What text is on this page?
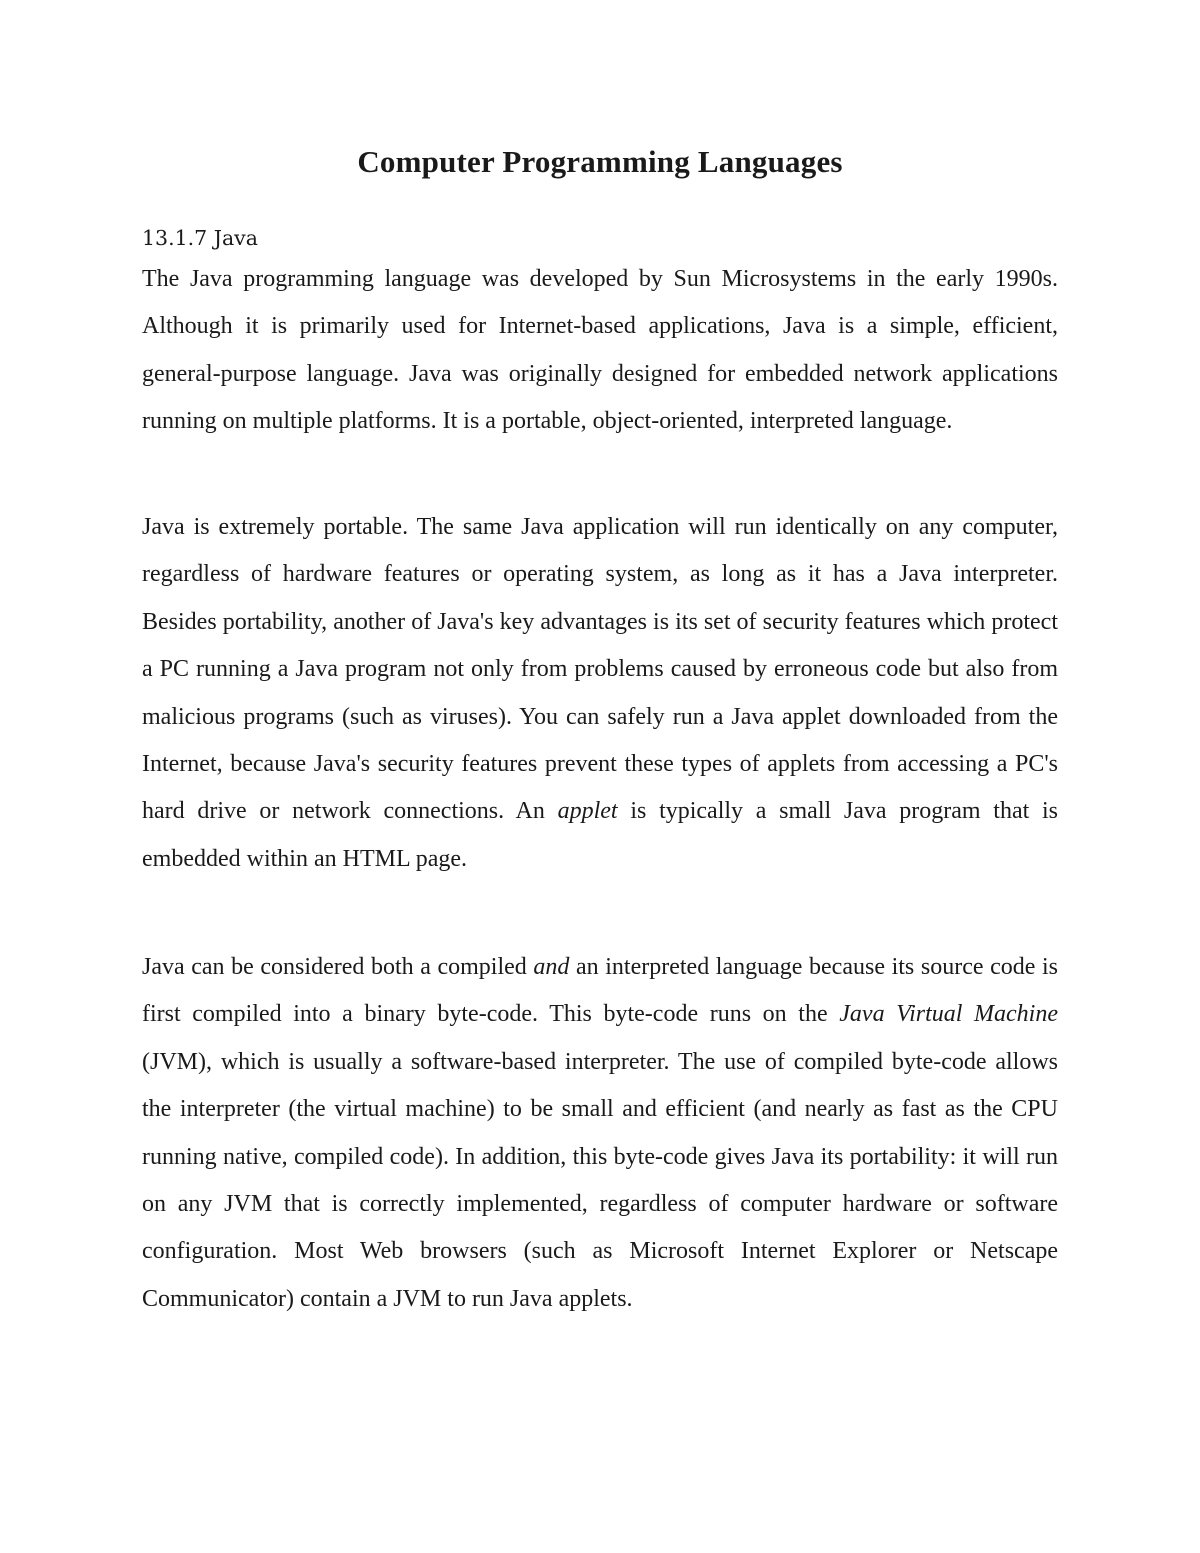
Computer Programming Languages
13.1.7 Java

The Java programming language was developed by Sun Microsystems in the early 1990s. Although it is primarily used for Internet-based applications, Java is a simple, efficient, general-purpose language. Java was originally designed for embedded network applications running on multiple platforms. It is a portable, object-oriented, interpreted language.

Java is extremely portable. The same Java application will run identically on any computer, regardless of hardware features or operating system, as long as it has a Java interpreter. Besides portability, another of Java's key advantages is its set of security features which protect a PC running a Java program not only from problems caused by erroneous code but also from malicious programs (such as viruses). You can safely run a Java applet downloaded from the Internet, because Java's security features prevent these types of applets from accessing a PC's hard drive or network connections. An applet is typically a small Java program that is embedded within an HTML page.

Java can be considered both a compiled and an interpreted language because its source code is first compiled into a binary byte-code. This byte-code runs on the Java Virtual Machine (JVM), which is usually a software-based interpreter. The use of compiled byte-code allows the interpreter (the virtual machine) to be small and efficient (and nearly as fast as the CPU running native, compiled code). In addition, this byte-code gives Java its portability: it will run on any JVM that is correctly implemented, regardless of computer hardware or software configuration. Most Web browsers (such as Microsoft Internet Explorer or Netscape Communicator) contain a JVM to run Java applets.
